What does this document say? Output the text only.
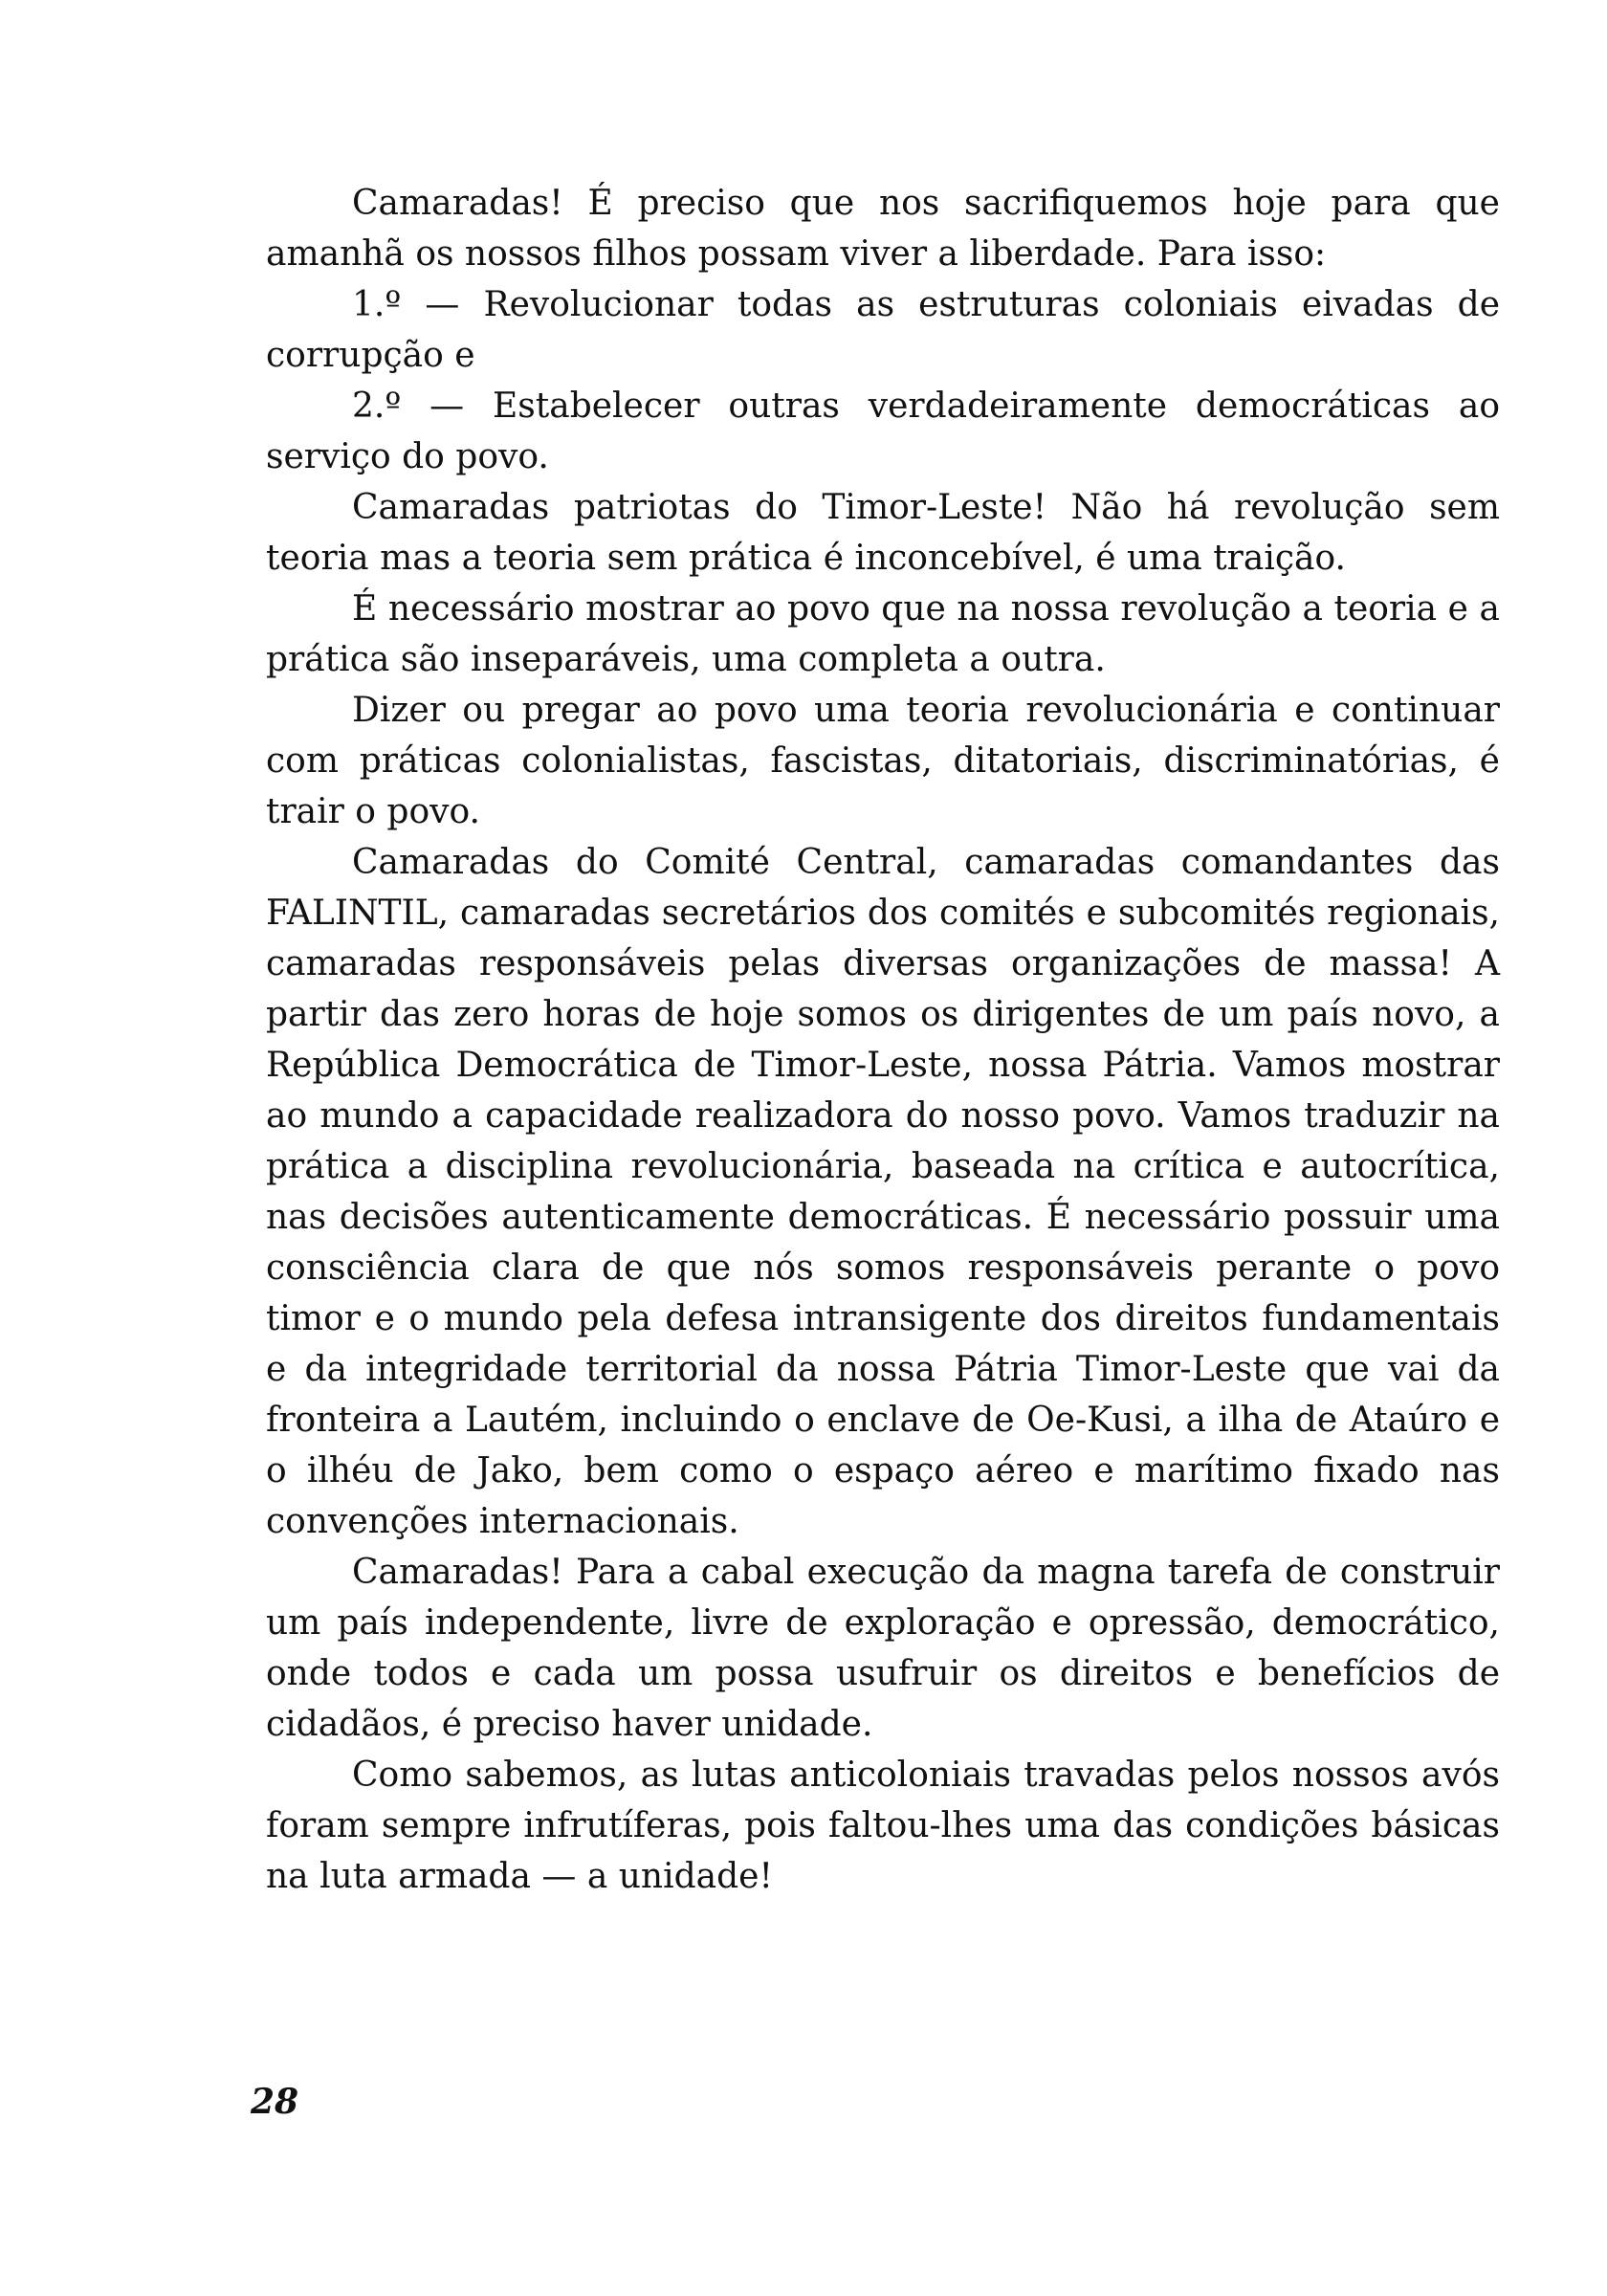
Camaradas! É preciso que nos sacrifiquemos hoje para que amanhã os nossos filhos possam viver a liberdade. Para isso:

1.º — Revolucionar todas as estruturas coloniais eivadas de corrupção e

2.º — Estabelecer outras verdadeiramente democráticas ao serviço do povo.

Camaradas patriotas do Timor-Leste! Não há revolução sem teoria mas a teoria sem prática é inconcebível, é uma traição.

É necessário mostrar ao povo que na nossa revolução a teoria e a prática são inseparáveis, uma completa a outra.

Dizer ou pregar ao povo uma teoria revolucionária e continuar com práticas colonialistas, fascistas, ditatoriais, discriminatórias, é trair o povo.

Camaradas do Comité Central, camaradas comandantes das FALINTIL, camaradas secretários dos comités e subcomités regionais, camaradas responsáveis pelas diversas organizações de massa! A partir das zero horas de hoje somos os dirigentes de um país novo, a República Democrática de Timor-Leste, nossa Pátria. Vamos mostrar ao mundo a capacidade realizadora do nosso povo. Vamos traduzir na prática a disciplina revolucionária, baseada na crítica e autocrítica, nas decisões autenticamente democráticas. É necessário possuir uma consciência clara de que nós somos responsáveis perante o povo timor e o mundo pela defesa intransigente dos direitos fundamentais e da integridade territorial da nossa Pátria Timor-Leste que vai da fronteira a Lautém, incluindo o enclave de Oe-Kusi, a ilha de Ataúro e o ilhéu de Jako, bem como o espaço aéreo e marítimo fixado nas convenções internacionais.

Camaradas! Para a cabal execução da magna tarefa de construir um país independente, livre de exploração e opressão, democrático, onde todos e cada um possa usufruir os direitos e benefícios de cidadãos, é preciso haver unidade.

Como sabemos, as lutas anticoloniais travadas pelos nossos avós foram sempre infrutíferas, pois faltou-lhes uma das condições básicas na luta armada — a unidade!

28
